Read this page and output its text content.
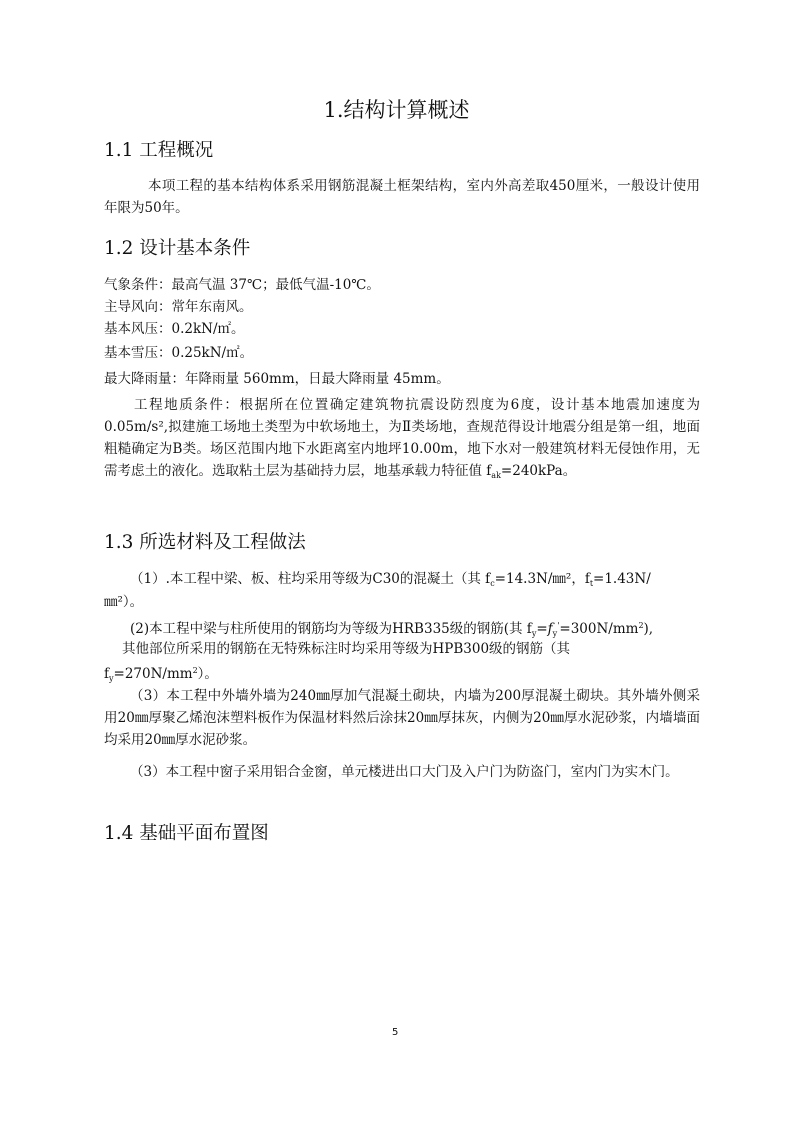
1.结构计算概述
1.1 工程概况
本项工程的基本结构体系采用钢筋混凝土框架结构，室内外高差取450厘米，一般设计使用年限为50年。
1.2 设计基本条件
气象条件：最高气温 37℃；最低气温-10℃。
主导风向：常年东南风。
基本风压：0.2kN/㎡。
基本雪压：0.25kN/㎡。
最大降雨量：年降雨量 560mm，日最大降雨量 45mm。
工程地质条件：根据所在位置确定建筑物抗震设防烈度为6度，设计基本地震加速度为0.05m/s²,拟建施工场地土类型为中软场地土，为Ⅱ类场地，查规范得设计地震分组是第一组，地面粗糙确定为B类。场区范围内地下水距离室内地坪10.00m，地下水对一般建筑材料无侵蚀作用，无需考虑土的液化。选取粘土层为基础持力层，地基承载力特征值 $f_{ak}=240kPa$。
1.3 所选材料及工程做法
（1）.本工程中梁、板、柱均采用等级为C30的混凝土（其 $f_c=14.3N/㎜^2$，$f_t=1.43N/$
㎜²）。
(2)本工程中梁与柱所使用的钢筋均为等级为HRB335级的钢筋(其 $f_y=f_y'=300N/mm^2$),
其他部位所采用的钢筋在无特殊标注时均采用等级为HPB300级的钢筋（其
$f_y=270N/mm^2$）。
（3）本工程中外墙外墙为240㎜厚加气混凝土砌块，内墙为200厚混凝土砌块。其外墙外侧采用20㎜厚聚乙烯泡沫塑料板作为保温材料然后涂抹20㎜厚抹灰，内侧为20㎜厚水泥砂浆，内墙墙面均采用20㎜厚水泥砂浆。
（3）本工程中窗子采用铝合金窗，单元楼进出口大门及入户门为防盗门，室内门为实木门。
1.4 基础平面布置图
5
